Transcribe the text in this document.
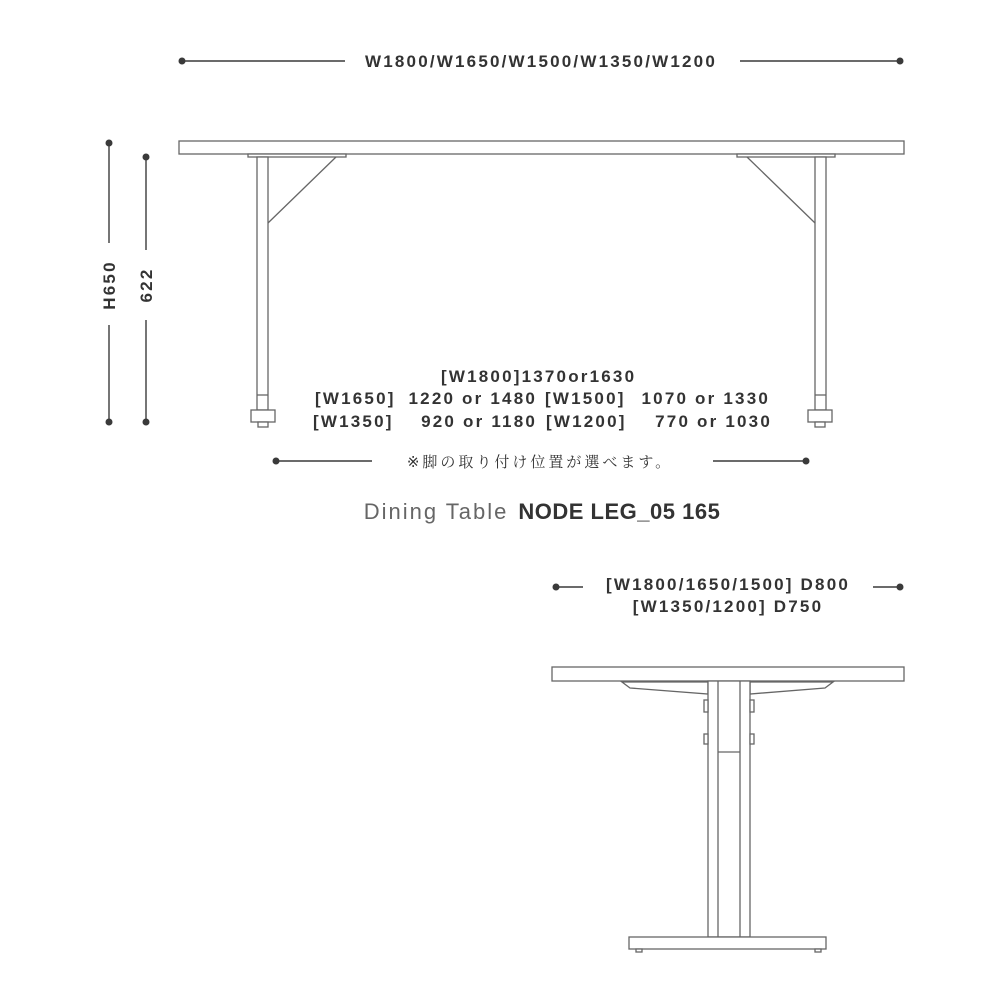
W1800/W1650/W1500/W1350/W1200
H650 622
[W1800]1370or1630
[W1650] 1220 or 1480 [W1500] 1070 or 1330
[W1350] 920 or 1180 [W1200] 770 or 1030
※脚の取り付け位置が選べます。
Dining Table NODE LEG_05 165
[W1800/1650/1500] D800
[W1350/1200] D750
